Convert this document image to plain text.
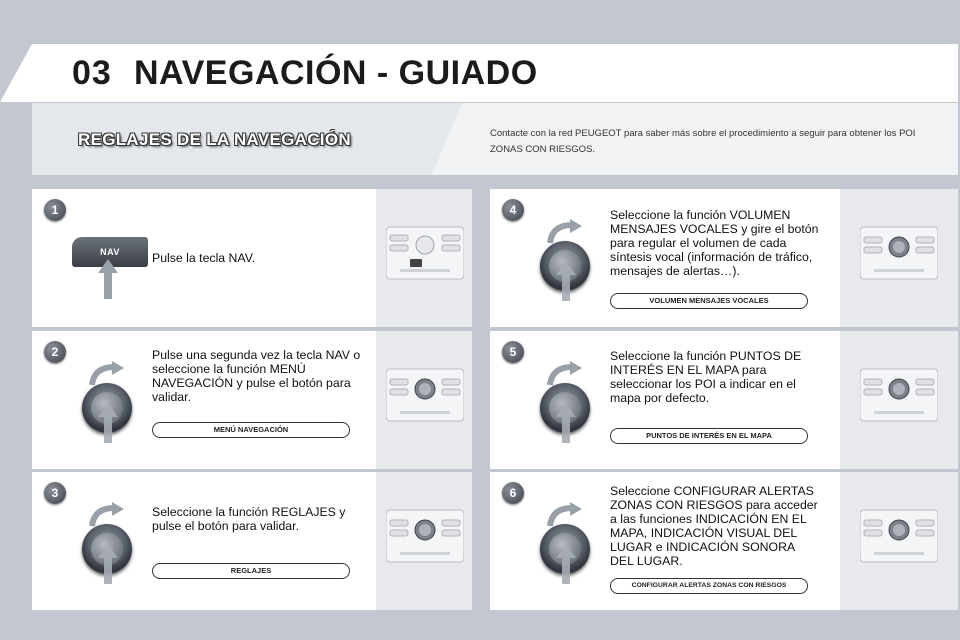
03 NAVEGACIÓN - GUIADO
REGLAJES DE LA NAVEGACIÓN	Contacte con la red PEUGEOT para saber más sobre el procedimiento a seguir para obtener los POI ZONAS CON RIESGOS.
1
NAV	Pulse la tecla NAV.
2	Pulse una segunda vez la tecla NAV o seleccione la función MENÚ NAVEGACIÓN y pulse el botón para validar.
MENÚ NAVEGACIÓN
3
Seleccione la función REGLAJES y pulse el botón para validar.
REGLAJES
4	Seleccione la función VOLUMEN MENSAJES VOCALES y gire el botón para regular el volumen de cada síntesis vocal (información de tráfico, mensajes de alertas…).
VOLUMEN MENSAJES VOCALES
5	Seleccione la función PUNTOS DE INTERÉS EN EL MAPA para seleccionar los POI a indicar en el mapa por defecto.
PUNTOS DE INTERÉS EN EL MAPA
6	Seleccione CONFIGURAR ALERTAS ZONAS CON RIESGOS para acceder a las funciones INDICACIÓN EN EL MAPA, INDICACIÓN VISUAL DEL LUGAR e INDICACIÓN SONORA DEL LUGAR.
CONFIGURAR ALERTAS ZONAS CON RIESGOS
